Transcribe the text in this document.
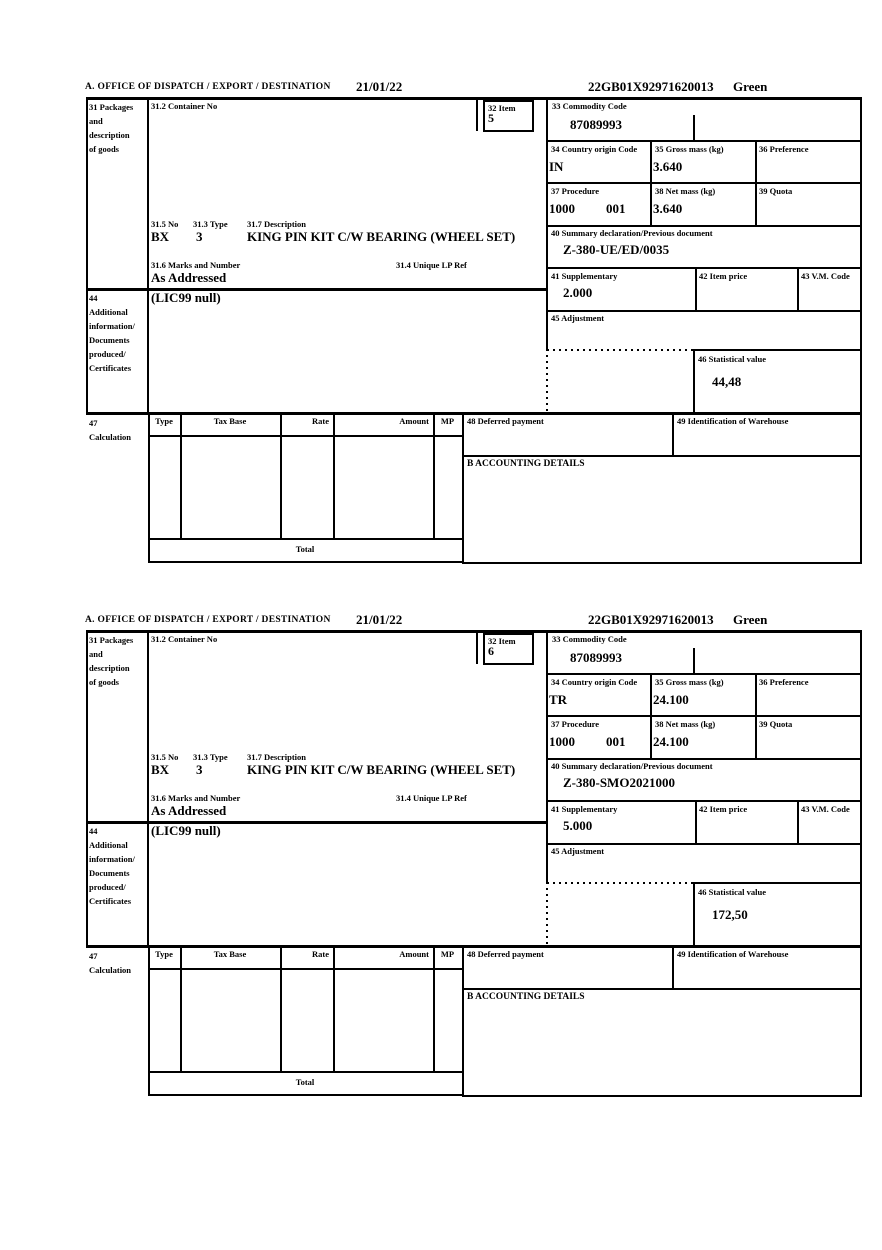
A. OFFICE OF DISPATCH / EXPORT / DESTINATION 21/01/22	22GB01X92971620013 Green
31 Packages
and
description
of goods
44
Additional
information/
Documents
produced/
Certificates
47
Calculation
31.2 Container No	32 Item
5
31.5 No 31.3 Type 31.7 Description
BX 3	KING PIN KIT C/W BEARING (WHEEL SET)
31.6 Marks and Number	31.4 Unique LP Ref
As Addressed
(LIC99 null)
33 Commodity Code
87089993
34 Country origin Code
IN
35 Gross mass (kg)
3.640
36 Preference
37 Procedure
1000 001
38 Net mass (kg)
3.640
39 Quota
40 Summary declaration/Previous document
Z-380-UE/ED/0035
41 Supplementary
2.000
42 Item price	43 V.M. Code
45 Adjustment
46 Statistical value
44,48
Type	Tax Base	Rate	Amount	MP	48 Deferred payment	49 Identification of Warehouse
B ACCOUNTING DETAILS
Total
A. OFFICE OF DISPATCH / EXPORT / DESTINATION 21/01/22	22GB01X92971620013 Green
31 Packages
and
description
of goods
44
Additional
information/
Documents
produced/
Certificates
47
Calculation
31.2 Container No	32 Item
6
31.5 No 31.3 Type 31.7 Description
BX 3	KING PIN KIT C/W BEARING (WHEEL SET)
31.6 Marks and Number	31.4 Unique LP Ref
As Addressed
(LIC99 null)
33 Commodity Code
87089993
34 Country origin Code
TR
35 Gross mass (kg)
24.100
36 Preference
37 Procedure
1000 001
38 Net mass (kg)
24.100
39 Quota
40 Summary declaration/Previous document
Z-380-SMO2021000
41 Supplementary
5.000
42 Item price	43 V.M. Code
45 Adjustment
46 Statistical value
172,50
Type	Tax Base	Rate	Amount	MP	48 Deferred payment	49 Identification of Warehouse
B ACCOUNTING DETAILS
Total
